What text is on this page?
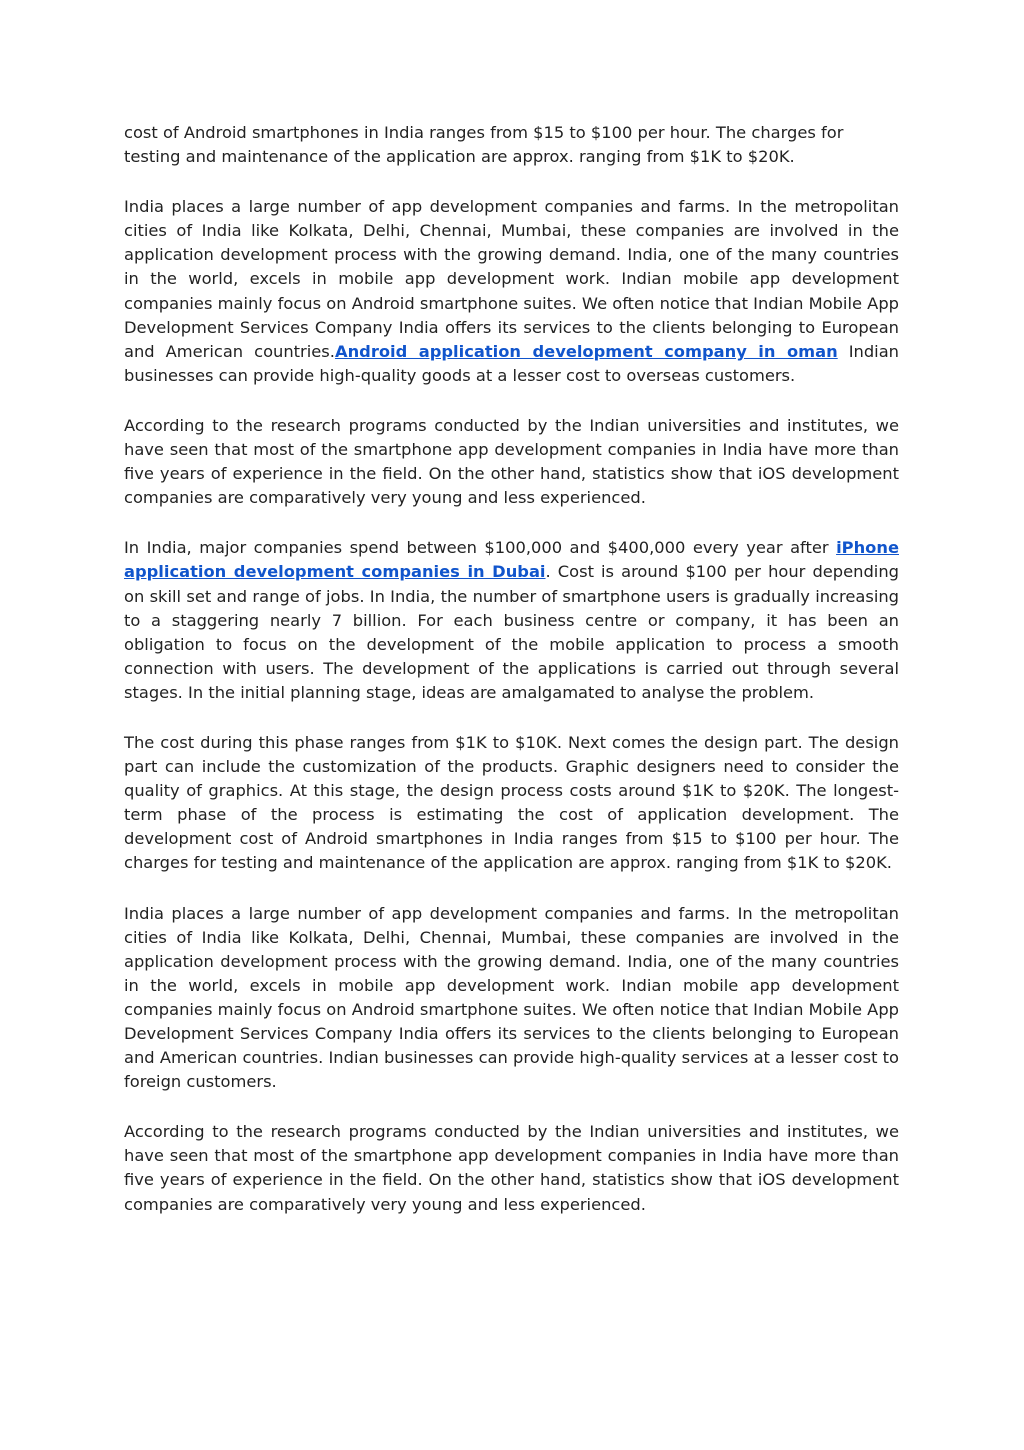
cost of Android smartphones in India ranges from $15 to $100 per hour. The charges for testing and maintenance of the application are approx. ranging from $1K to $20K.

India places a large number of app development companies and farms. In the metropolitan cities of India like Kolkata, Delhi, Chennai, Mumbai, these companies are involved in the application development process with the growing demand. India, one of the many countries in the world, excels in mobile app development work. Indian mobile app development companies mainly focus on Android smartphone suites. We often notice that Indian Mobile App Development Services Company India offers its services to the clients belonging to European and American countries.Android application development company in oman Indian businesses can provide high-quality goods at a lesser cost to overseas customers.

According to the research programs conducted by the Indian universities and institutes, we have seen that most of the smartphone app development companies in India have more than five years of experience in the field. On the other hand, statistics show that iOS development companies are comparatively very young and less experienced.

In India, major companies spend between $100,000 and $400,000 every year after iPhone application development companies in Dubai. Cost is around $100 per hour depending on skill set and range of jobs. In India, the number of smartphone users is gradually increasing to a staggering nearly 7 billion. For each business centre or company, it has been an obligation to focus on the development of the mobile application to process a smooth connection with users. The development of the applications is carried out through several stages. In the initial planning stage, ideas are amalgamated to analyse the problem.

The cost during this phase ranges from $1K to $10K. Next comes the design part. The design part can include the customization of the products. Graphic designers need to consider the quality of graphics. At this stage, the design process costs around $1K to $20K. The longest-term phase of the process is estimating the cost of application development. The development cost of Android smartphones in India ranges from $15 to $100 per hour. The charges for testing and maintenance of the application are approx. ranging from $1K to $20K.

India places a large number of app development companies and farms. In the metropolitan cities of India like Kolkata, Delhi, Chennai, Mumbai, these companies are involved in the application development process with the growing demand. India, one of the many countries in the world, excels in mobile app development work. Indian mobile app development companies mainly focus on Android smartphone suites. We often notice that Indian Mobile App Development Services Company India offers its services to the clients belonging to European and American countries. Indian businesses can provide high-quality services at a lesser cost to foreign customers.

According to the research programs conducted by the Indian universities and institutes, we have seen that most of the smartphone app development companies in India have more than five years of experience in the field. On the other hand, statistics show that iOS development companies are comparatively very young and less experienced.
